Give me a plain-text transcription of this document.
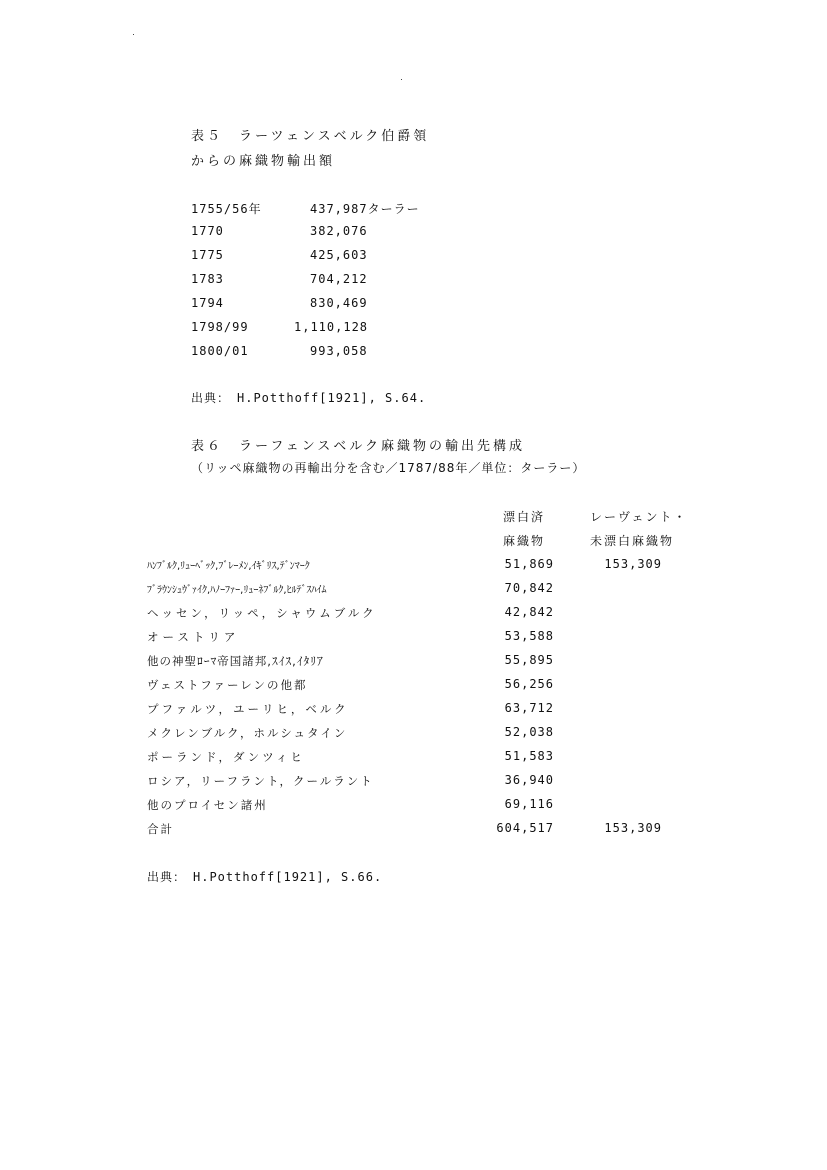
表５　ラーツェンスベルク伯爵領
からの麻織物輸出額
1755/56年	437,987ターラー
1770	382,076
1775	425,603
1783	704,212
1794	830,469
1798/99	1,110,128
1800/01	993,058
出典：　H.Potthoff[1921], S.64.
表６　ラーフェンスベルク麻織物の輸出先構成
（リッペ麻織物の再輸出分を含む／1787/88年／単位：ターラー）
漂白済
麻織物
レーヴェント・
未漂白麻織物
ﾊﾝﾌﾞﾙｸ,ﾘｭｰﾍﾞｯｸ,ﾌﾞﾚｰﾒﾝ,ｲｷﾞﾘｽ,ﾃﾞﾝﾏｰｸ	51,869	153,309
ﾌﾞﾗｳﾝｼｭｳﾞｧｲｸ,ﾊﾉｰﾌｧｰ,ﾘｭｰﾈﾌﾞﾙｸ,ﾋﾙﾃﾞｽﾊｲﾑ	70,842
ヘッセン，リッペ，シャウムブルク	42,842
オーストリア	53,588
他の神聖ﾛｰﾏ帝国諸邦,ｽｲｽ,ｲﾀﾘｱ	55,895
ヴェストファーレンの他都	56,256
プファルツ，ユーリヒ，ベルク	63,712
メクレンブルク，ホルシュタイン	52,038
ポーランド，ダンツィヒ	51,583
ロシア，リーフラント，クールラント	36,940
他のプロイセン諸州	69,116
合計	604,517	153,309
出典：　H.Potthoff[1921], S.66.
